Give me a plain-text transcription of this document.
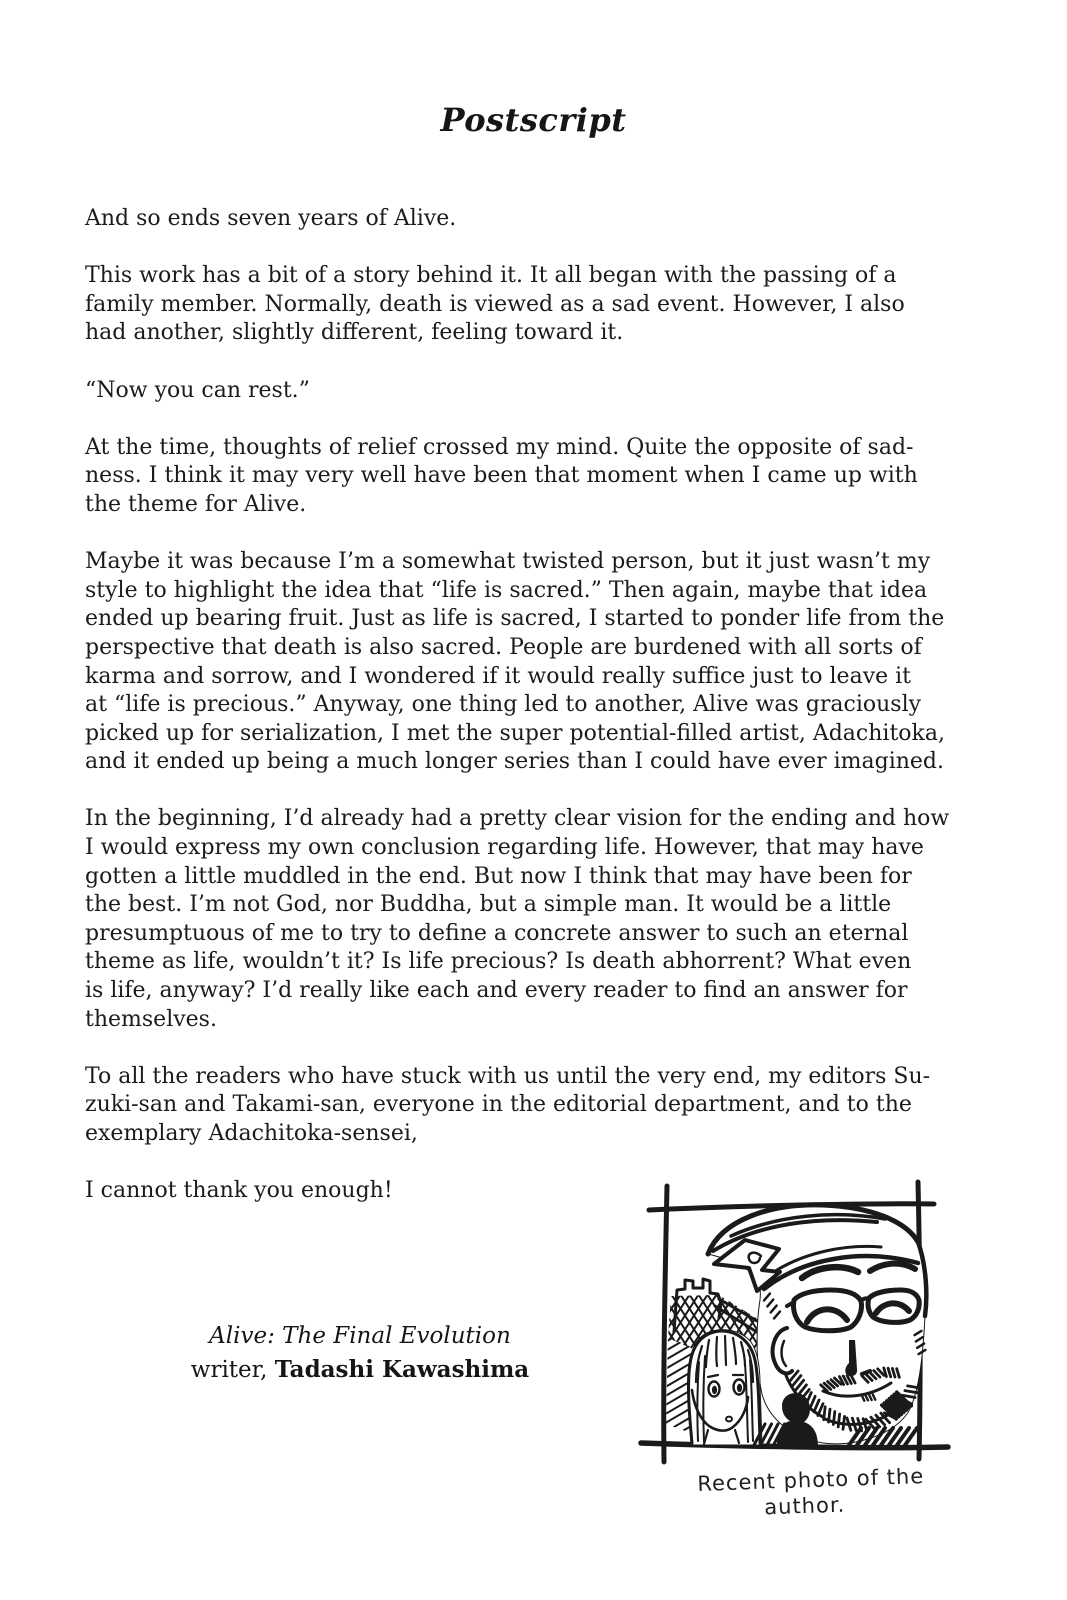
Postscript
And so ends seven years of Alive.
This work has a bit of a story behind it. It all began with the passing of a
family member. Normally, death is viewed as a sad event. However, I also
had another, slightly different, feeling toward it.
“Now you can rest.”
At the time, thoughts of relief crossed my mind. Quite the opposite of sad-
ness. I think it may very well have been that moment when I came up with
the theme for Alive.
Maybe it was because I’m a somewhat twisted person, but it just wasn’t my
style to highlight the idea that “life is sacred.” Then again, maybe that idea
ended up bearing fruit. Just as life is sacred, I started to ponder life from the
perspective that death is also sacred. People are burdened with all sorts of
karma and sorrow, and I wondered if it would really suffice just to leave it
at “life is precious.” Anyway, one thing led to another, Alive was graciously
picked up for serialization, I met the super potential-filled artist, Adachitoka,
and it ended up being a much longer series than I could have ever imagined.
In the beginning, I’d already had a pretty clear vision for the ending and how
I would express my own conclusion regarding life. However, that may have
gotten a little muddled in the end. But now I think that may have been for
the best. I’m not God, nor Buddha, but a simple man. It would be a little
presumptuous of me to try to define a concrete answer to such an eternal
theme as life, wouldn’t it? Is life precious? Is death abhorrent? What even
is life, anyway? I’d really like each and every reader to find an answer for
themselves.
To all the readers who have stuck with us until the very end, my editors Su-
zuki-san and Takami-san, everyone in the editorial department, and to the
exemplary Adachitoka-sensei,
I cannot thank you enough!
Alive: The Final Evolution
writer, Tadashi Kawashima
Recent photo of the
author.
